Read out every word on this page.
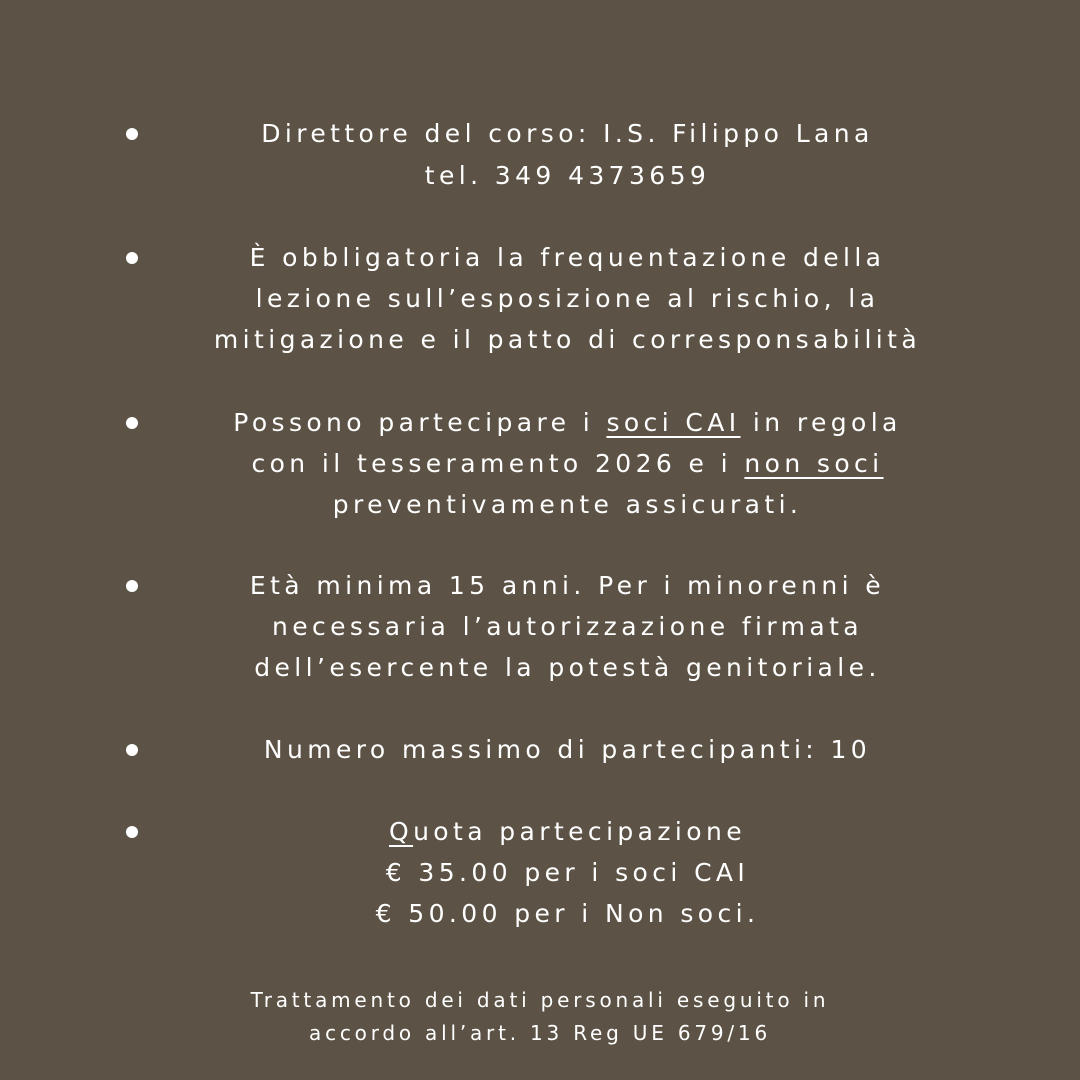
Direttore del corso: I.S. Filippo Lana
tel. 349 4373659
È obbligatoria la frequentazione della
lezione sull’esposizione al rischio, la
mitigazione e il patto di corresponsabilità
Possono partecipare i soci CAI in regola
con il tesseramento 2026 e i non soci
preventivamente assicurati.
Età minima 15 anni. Per i minorenni è
necessaria l’autorizzazione firmata
dell’esercente la potestà genitoriale.
Numero massimo di partecipanti: 10
Quota partecipazione
€ 35.00 per i soci CAI
€ 50.00 per i Non soci.
Trattamento dei dati personali eseguito in
accordo all’art. 13 Reg UE 679/16
